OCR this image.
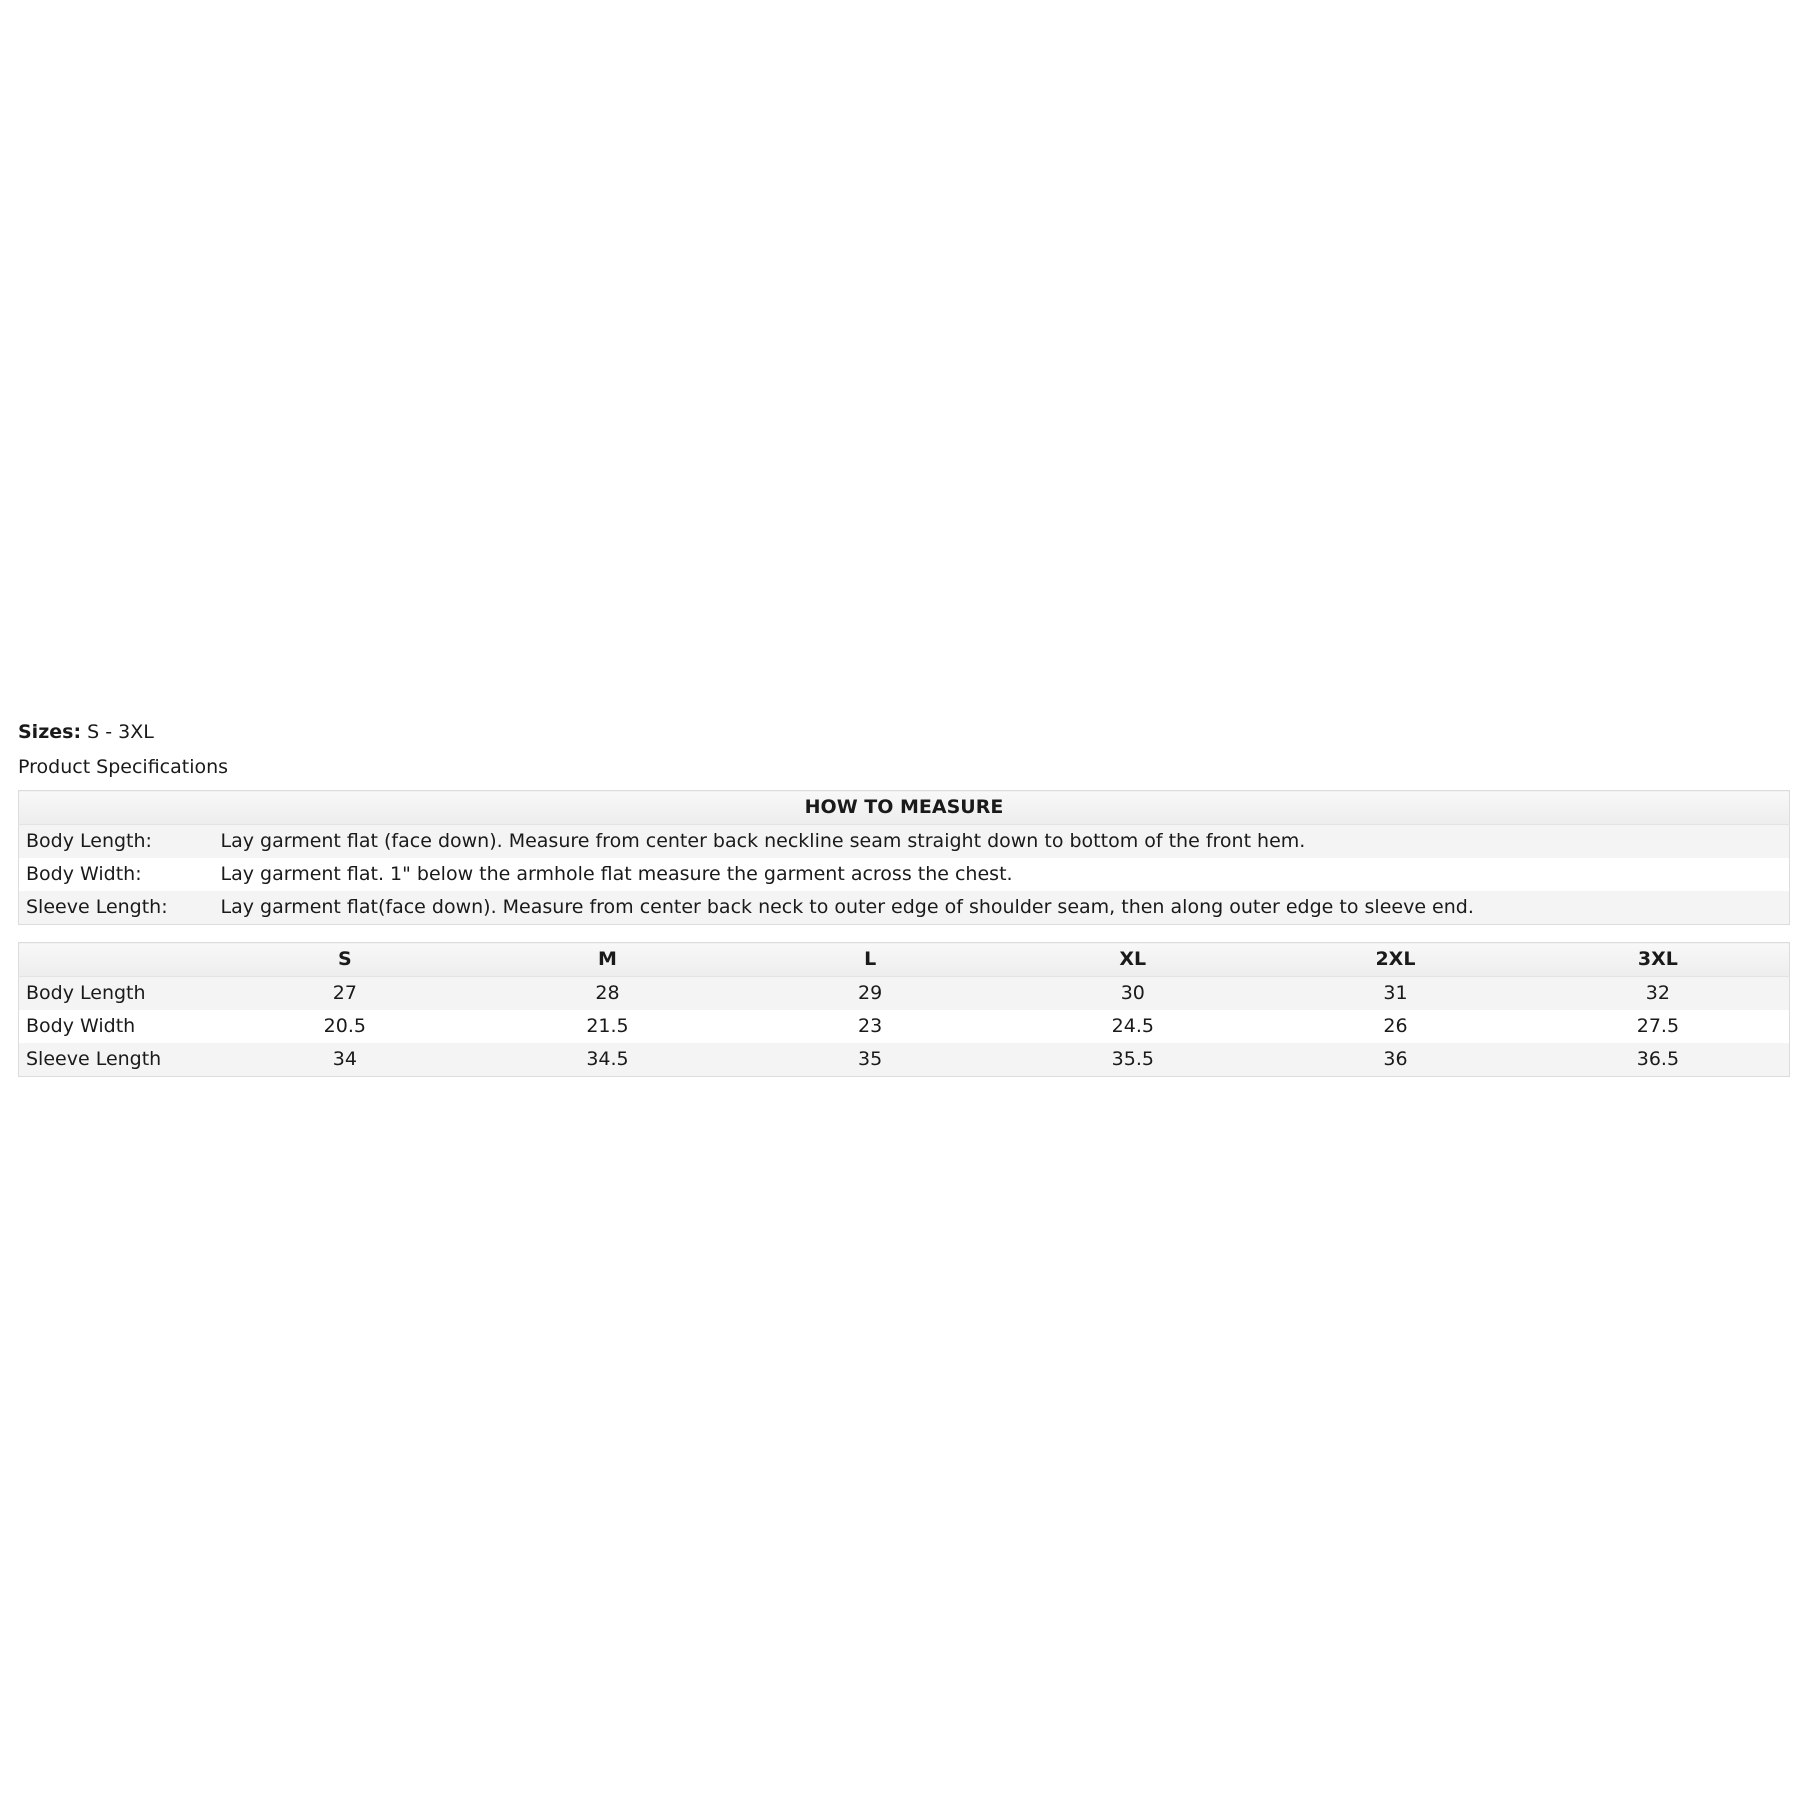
Sizes: S - 3XL
Product Specifications
HOW TO MEASURE	
Body Length:	Lay garment flat (face down). Measure from center back neckline seam straight down to bottom of the front hem.
Body Width:	Lay garment flat. 1" below the armhole flat measure the garment across the chest.
Sleeve Length:	Lay garment flat(face down). Measure from center back neck to outer edge of shoulder seam, then along outer edge to sleeve end.
	S	M	L	XL	2XL	3XL
Body Length	27	28	29	30	31	32
Body Width	20.5	21.5	23	24.5	26	27.5
Sleeve Length	34	34.5	35	35.5	36	36.5
